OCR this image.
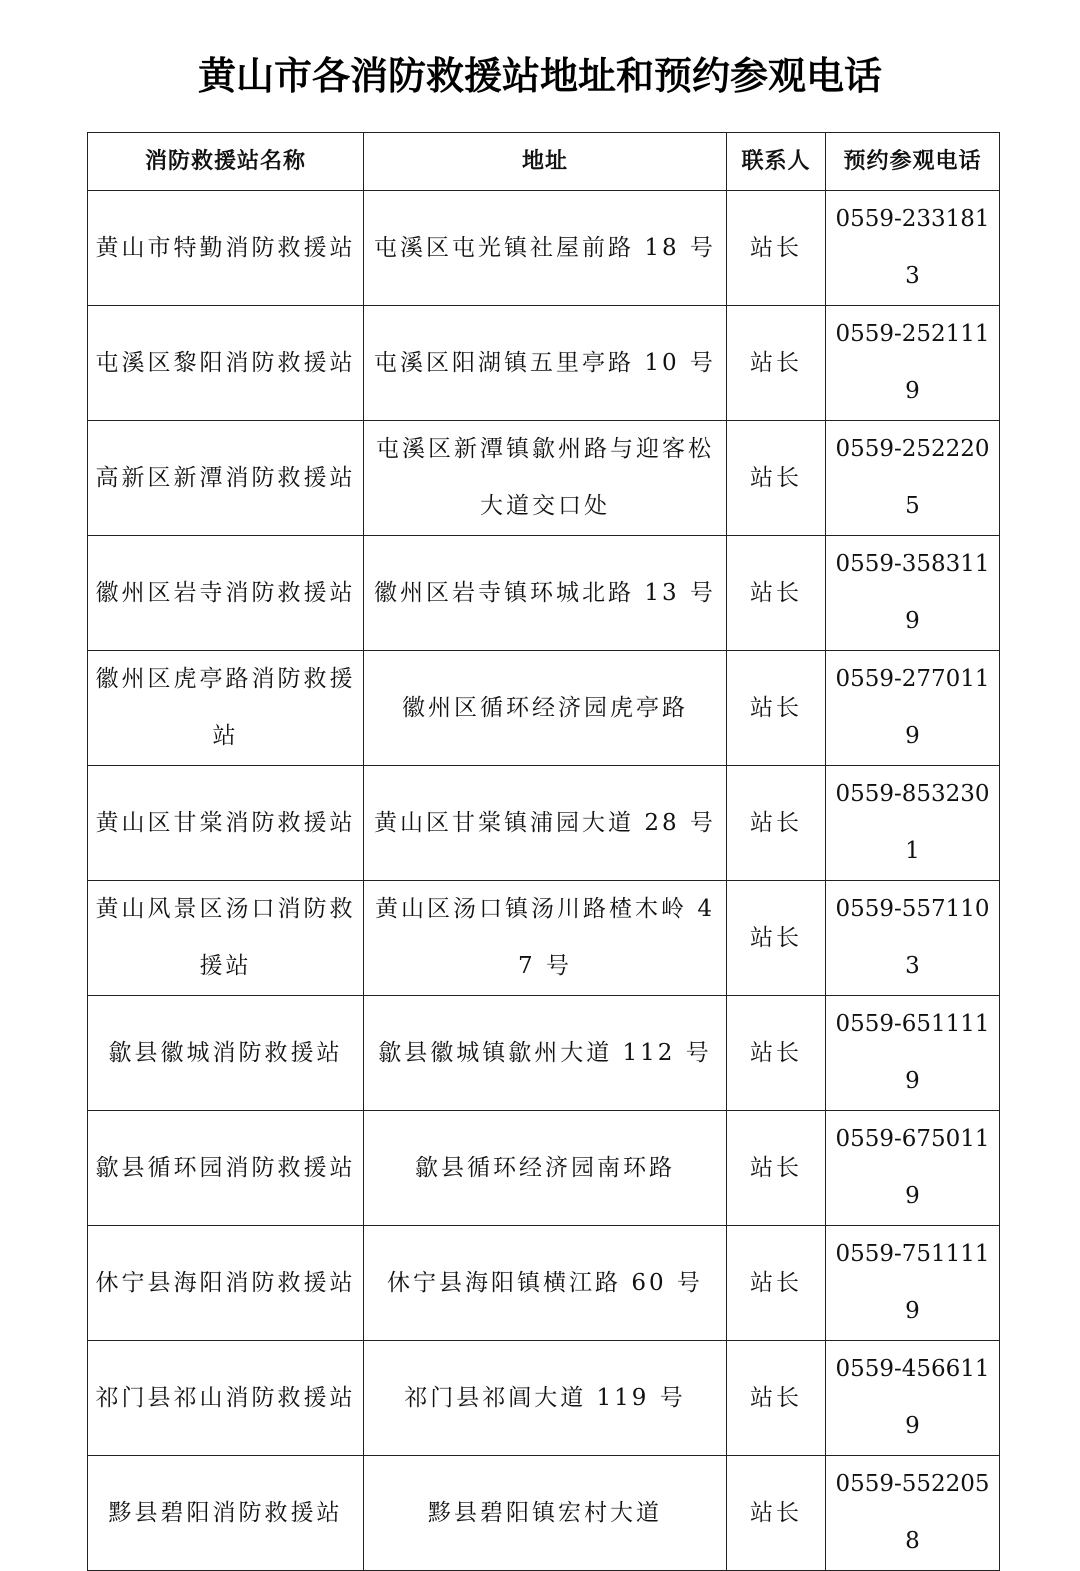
黄山市各消防救援站地址和预约参观电话
消防救援站名称	地址	联系人	预约参观电话
黄山市特勤消防救援站	屯溪区屯光镇社屋前路 18 号	站长	0559-2331813
屯溪区黎阳消防救援站	屯溪区阳湖镇五里亭路 10 号	站长	0559-2521119
高新区新潭消防救援站	屯溪区新潭镇歙州路与迎客松大道交口处	站长	0559-2522205
徽州区岩寺消防救援站	徽州区岩寺镇环城北路 13 号	站长	0559-3583119
徽州区虎亭路消防救援站	徽州区循环经济园虎亭路	站长	0559-2770119
黄山区甘棠消防救援站	黄山区甘棠镇浦园大道 28 号	站长	0559-8532301
黄山风景区汤口消防救援站	黄山区汤口镇汤川路楂木岭 47 号	站长	0559-5571103
歙县徽城消防救援站	歙县徽城镇歙州大道 112 号	站长	0559-6511119
歙县循环园消防救援站	歙县循环经济园南环路	站长	0559-6750119
休宁县海阳消防救援站	休宁县海阳镇横江路 60 号	站长	0559-7511119
祁门县祁山消防救援站	祁门县祁阊大道 119 号	站长	0559-4566119
黟县碧阳消防救援站	黟县碧阳镇宏村大道	站长	0559-5522058
